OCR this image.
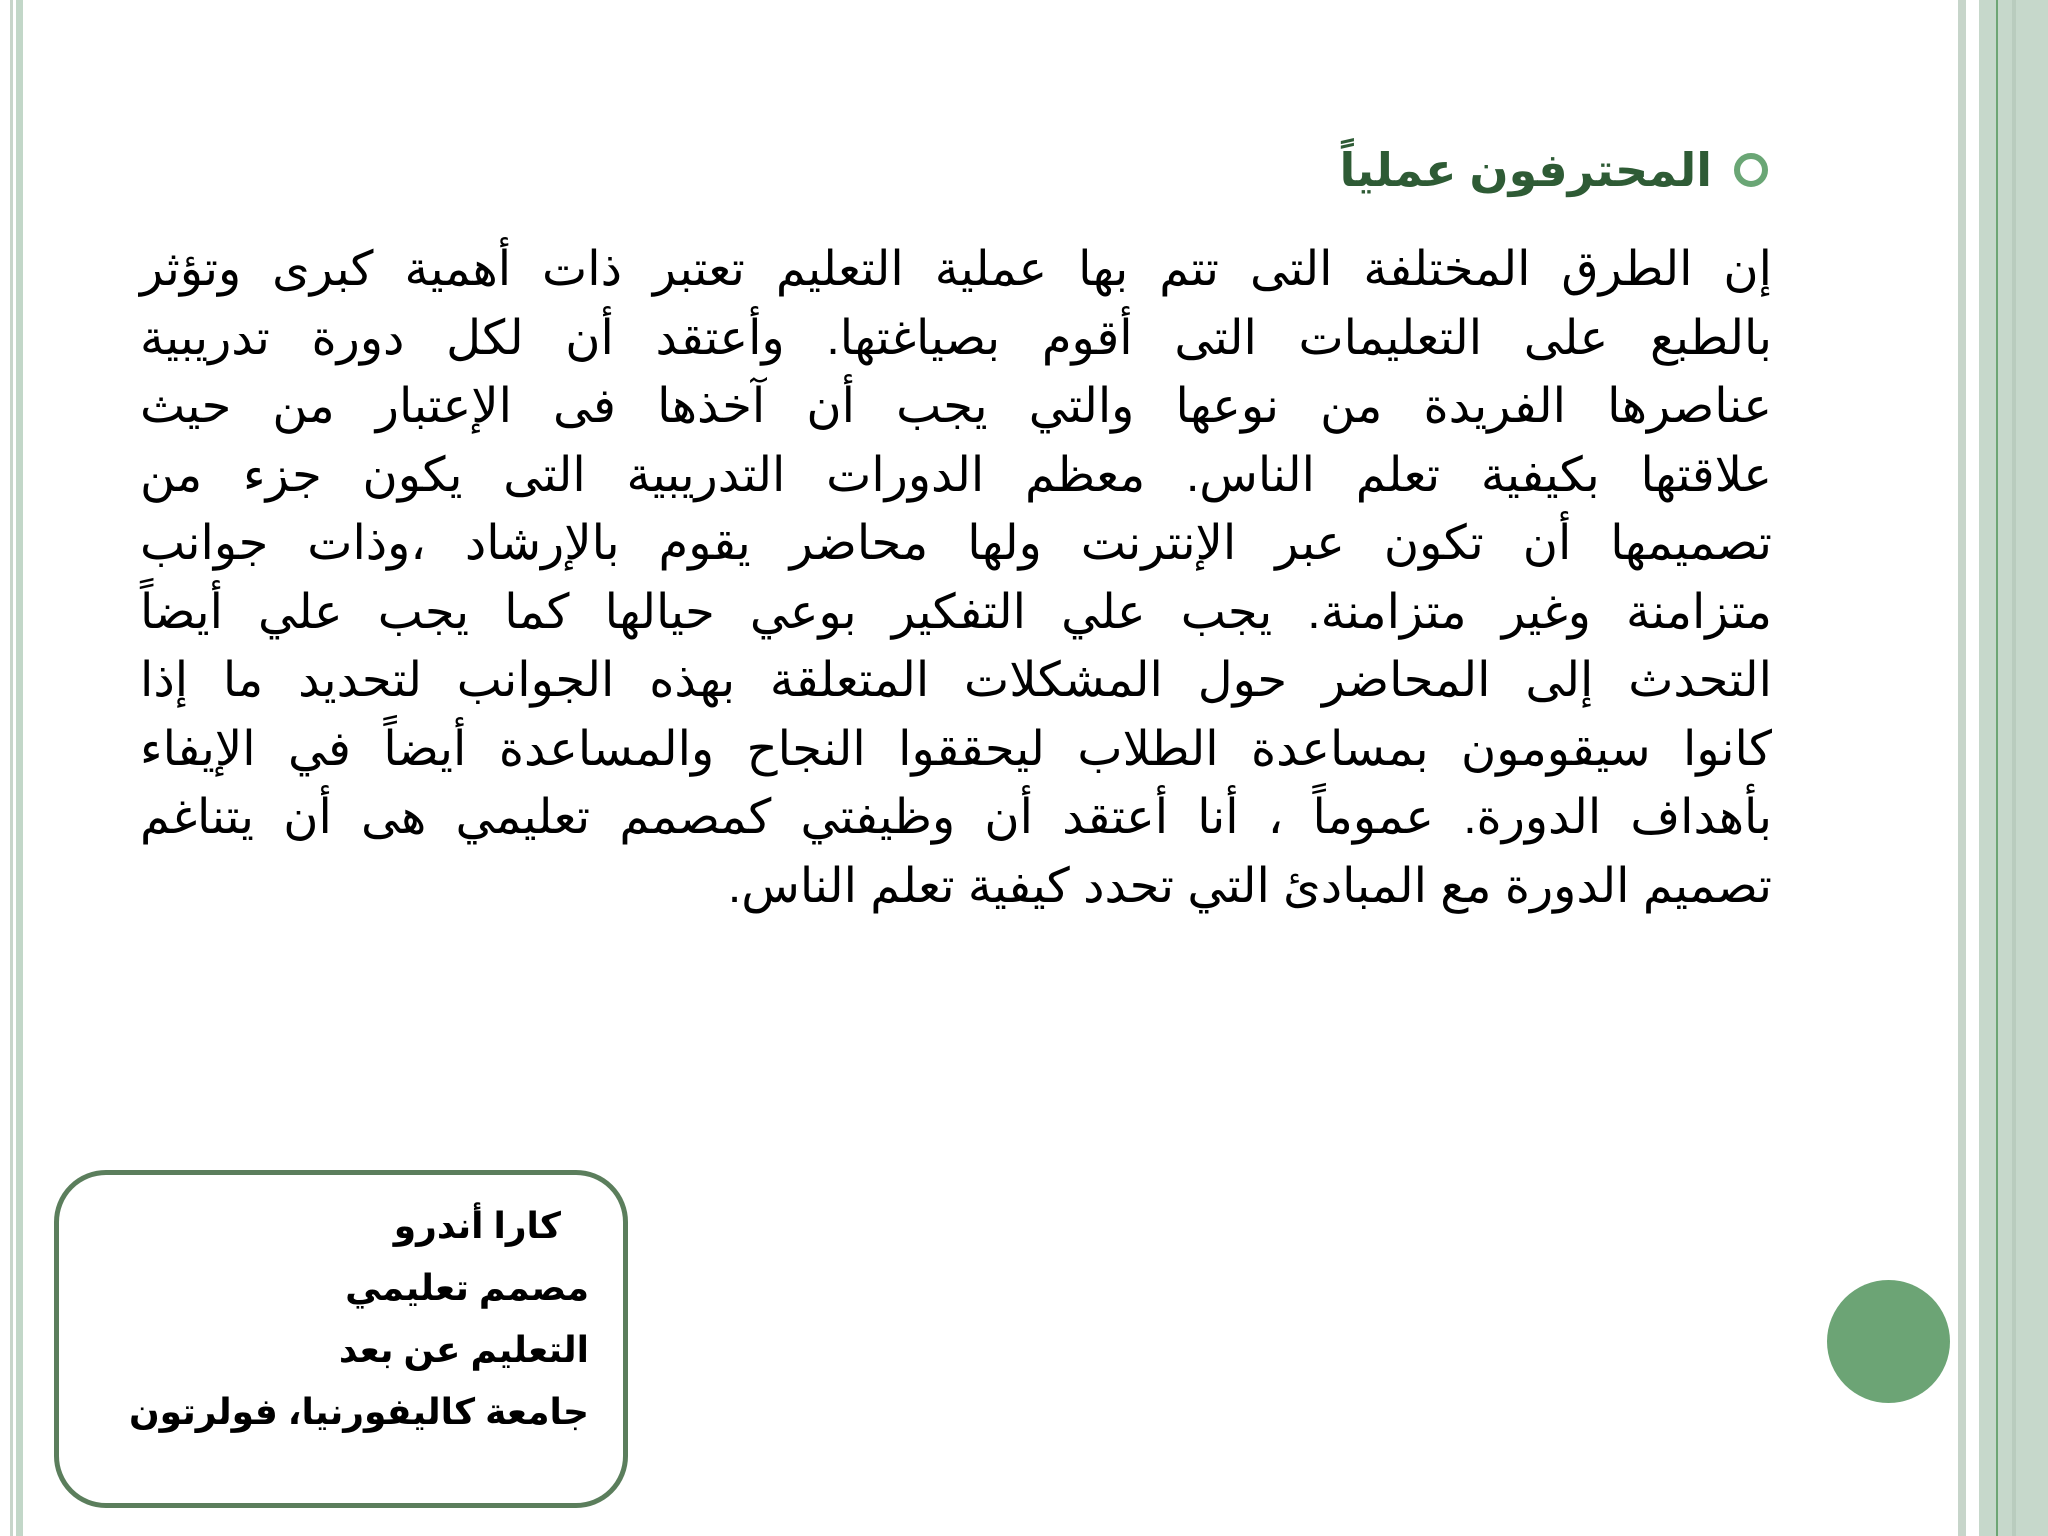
المحترفون عملياً
إن الطرق المختلفة التى تتم بها عملية التعليم تعتبر ذات أهمية كبرى وتؤثر
بالطبع على التعليمات التى أقوم بصياغتها. وأعتقد أن لكل دورة تدريبية
عناصرها الفريدة من نوعها والتي يجب أن آخذها فى الإعتبار من حيث
علاقتها بكيفية تعلم الناس. معظم الدورات التدريبية التى يكون جزء من
تصميمها أن تكون عبر الإنترنت ولها محاضر يقوم بالإرشاد ،وذات جوانب
متزامنة وغير متزامنة. يجب علي التفكير بوعي حيالها كما يجب علي أيضاً
التحدث إلى المحاضر حول المشكلات المتعلقة بهذه الجوانب لتحديد ما إذا
كانوا سيقومون بمساعدة الطلاب ليحققوا النجاح والمساعدة أيضاً في الإيفاء
بأهداف الدورة. عموماً ، أنا أعتقد أن وظيفتي كمصمم تعليمي هى أن يتناغم
تصميم الدورة مع المبادئ التي تحدد كيفية تعلم الناس.
كارا أندرو
مصمم تعليمي
التعليم عن بعد
جامعة كاليفورنيا، فولرتون
